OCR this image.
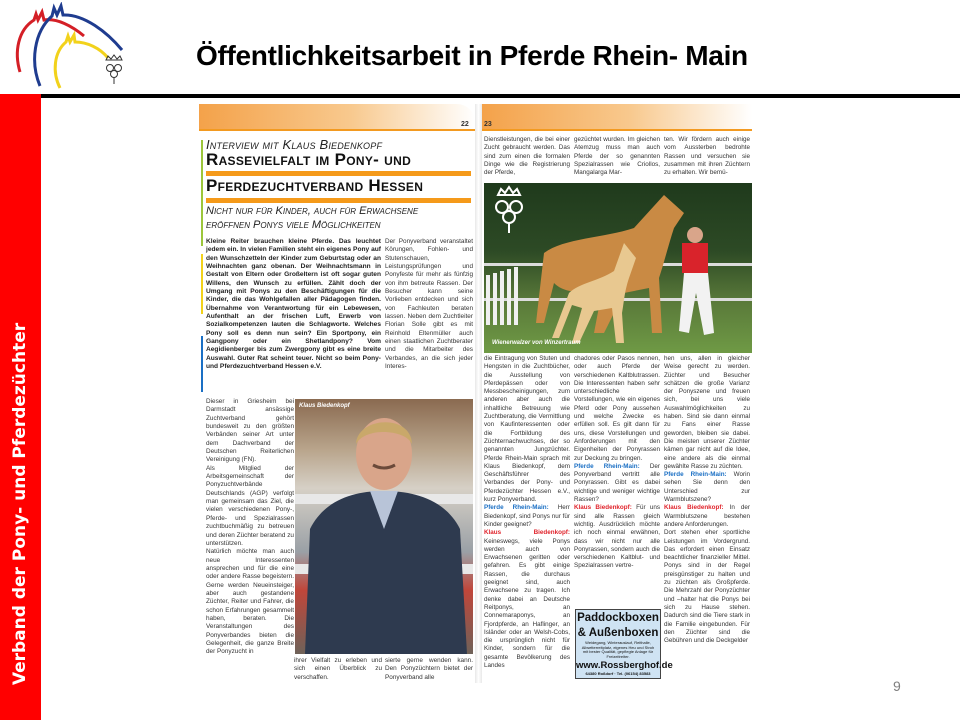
Öffentlichkeitsarbeit in Pferde Rhein- Main
Verband der Pony- und Pferdezüchter
22
Interview mit Klaus Biedenkopf
Rassevielfalt im Pony- und
Pferdezuchtverband Hessen
Nicht nur für Kinder, auch für Erwachsene
eröffnen Ponys viele Möglichkeiten
Kleine Reiter brauchen kleine Pferde. Das leuchtet jedem ein. In vielen Familien steht ein eigenes Pony auf den Wunschzetteln der Kinder zum Geburtstag oder an Weihnachten ganz obenan. Der Weihnachtsmann in Gestalt von Eltern oder Großeltern ist oft sogar guten Willens, den Wunsch zu erfüllen. Zählt doch der Umgang mit Ponys zu den Beschäftigungen für die Kinder, die das Wohlgefallen aller Pädagogen finden. Übernahme von Verantwortung für ein Lebewesen, Aufenthalt an der frischen Luft, Erwerb von Sozialkompetenzen lauten die Schlagworte. Welches Pony soll es denn nun sein? Ein Sportpony, ein Gangpony oder ein Shetlandpony? Vom Aegidienberger bis zum Zwergpony gibt es eine breite Auswahl. Guter Rat scheint teuer. Nicht so beim Pony- und Pferdezuchtverband Hessen e.V.
Der Ponyverband veranstaltet Körungen, Fohlen- und Stutenschauen, Leistungsprüfungen und Ponyfeste für mehr als fünfzig von ihm betreute Rassen. Der Besucher kann seine Vorlieben entdecken und sich von Fachleuten beraten lassen. Neben dem Zuchtleiter Florian Solle gibt es mit Reinhold Eltenmüller auch einen staatlichen Zuchtberater und die Mitarbeiter des Verbandes, an die sich jeder Interes-
Dieser in Griesheim bei Darmstadt ansässige Zuchtverband gehört bundesweit zu den größten Verbänden seiner Art unter dem Dachverband der Deutschen Reiterlichen Vereinigung (FN).
Als Mitglied der Arbeitsgemeinschaft der Ponyzuchtverbände Deutschlands (AGP) verfolgt man gemeinsam das Ziel, die vielen verschiedenen Pony-, Pferde- und Spezialrassen zuchtbuchmäßig zu betreuen und deren Züchter beratend zu unterstützen.
Natürlich möchte man auch neue Interessenten ansprechen und für die eine oder andere Rasse begeistern. Gerne werden Neueinsteiger, aber auch gestandene Züchter, Reiter und Fahrer, die schon Erfahrungen gesammelt haben, beraten. Die Veranstaltungen des Ponyverbandes bieten die Gelegenheit, die ganze Breite der Ponyzucht in
Klaus Biedenkopf
ihrer Vielfalt zu erleben und sich einen Überblick zu verschaffen.
sierte gerne wenden kann. Den Ponyzüchtern bietet der Ponyverband alle
23
Dienstleistungen, die bei einer Zucht gebraucht werden. Das sind zum einen die formalen Dinge wie die Registrierung der Pferde,
gezüchtet wurden. Im gleichen Atemzug muss man auch Pferde der so genannten Spezialrassen wie Criollos, Mangalarga Mar-
ten. Wir fördern auch einige vom Aussterben bedrohte Rassen und versuchen sie zusammen mit ihren Züchtern zu erhalten. Wir bemü-
Wienerwalzer von Winzertraum
die Eintragung von Stuten und Hengsten in die Zuchtbücher, die Ausstellung von Pferdepässen oder von Messbescheinigungen, zum anderen aber auch die inhaltliche Betreuung wie Zuchtberatung, die Vermittlung von Kaufinteressenten oder die Fortbildung des Züchternachwuchses, der so genannten Jungzüchter. Pferde Rhein-Main sprach mit Klaus Biedenkopf, dem Geschäftsführer des Verbandes der Pony- und Pferdezüchter Hessen e.V., kurz Ponyverband.
Pferde Rhein-Main: Herr Biedenkopf, sind Ponys nur für Kinder geeignet?
Klaus Biedenkopf: Keineswegs, viele Ponys werden auch von Erwachsenen geritten oder gefahren. Es gibt einige Rassen, die durchaus geeignet sind, auch Erwachsene zu tragen. Ich denke dabei an Deutsche Reitponys, an Connemaraponys, an Fjordpferde, an Haflinger, an Isländer oder an Welsh-Cobs, die ursprünglich nicht für Kinder, sondern für die gesamte Bevölkerung des Landes
chadores oder Pasos nennen, oder auch Pferde der verschiedenen Kaltblutrassen. Die Interessenten haben sehr unterschiedliche Vorstellungen, wie ein eigenes Pferd oder Pony aussehen und welche Zwecke es erfüllen soll. Es gilt dann für uns, diese Vorstellungen und Anforderungen mit den Eigenheiten der Ponyrassen zur Deckung zu bringen.
Pferde Rhein-Main: Der Ponyverband vertritt alle Ponyrassen. Gibt es dabei wichtige und weniger wichtige Rassen?
Klaus Biedenkopf: Für uns sind alle Rassen gleich wichtig. Ausdrücklich möchte ich noch einmal erwähnen, dass wir nicht nur alle Ponyrassen, sondern auch die verschiedenen Kaltblut- und Spezialrassen vertre-
hen uns, allen in gleicher Weise gerecht zu werden. Züchter und Besucher schätzen die große Varianz der Ponyszene und freuen sich, bei uns viele Auswahlmöglichkeiten zu haben. Sind sie dann einmal zu Fans einer Rasse geworden, bleiben sie dabei. Die meisten unserer Züchter kämen gar nicht auf die Idee, eine andere als die einmal gewählte Rasse zu züchten.
Pferde Rhein-Main: Worin sehen Sie denn den Unterschied zur Warmblutszene?
Klaus Biedenkopf: In der Warmblutszene bestehen andere Anforderungen.
Dort stehen eher sportliche Leistungen im Vordergrund. Das erfordert einen Einsatz beachtlicher finanzieller Mittel. Ponys sind in der Regel preisgünstiger zu halten und zu züchten als Großpferde. Die Mehrzahl der Ponyzüchter und –halter hat die Ponys bei sich zu Hause stehen. Dadurch sind die Tiere stark in die Familie eingebunden. Für den Züchter sind die Gebühren und die Deckgelder
Paddockboxen
& Außenboxen
Weidegang, Winterauslauf, Reithalle, Allwetterreitplatz, eigenes Heu und Stroh mit bester Qualität, gepflegte Anlage für Freizeitreiter.
www.Rossberghof.de
64380 Roßdorf · Tel. (06154) 83583
9
